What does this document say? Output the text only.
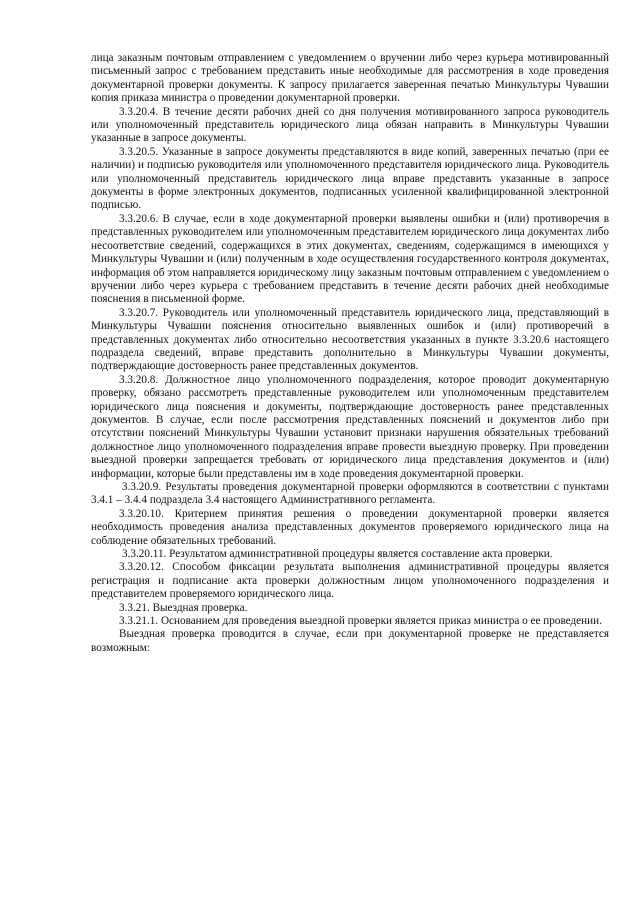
лица заказным почтовым отправлением с уведомлением о вручении либо через курьера мотивированный письменный запрос с требованием представить иные необходимые для рассмотрения в ходе проведения документарной проверки документы. К запросу прилагается заверенная печатью Минкультуры Чувашии копия приказа министра о проведении документарной проверки.

3.3.20.4. В течение десяти рабочих дней со дня получения мотивированного запроса руководитель или уполномоченный представитель юридического лица обязан направить в Минкультуры Чувашии указанные в запросе документы.

3.3.20.5. Указанные в запросе документы представляются в виде копий, заверенных печатью (при ее наличии) и подписью руководителя или уполномоченного представителя юридического лица. Руководитель или уполномоченный представитель юридического лица вправе представить указанные в запросе документы в форме электронных документов, подписанных усиленной квалифицированной электронной подписью.

3.3.20.6. В случае, если в ходе документарной проверки выявлены ошибки и (или) противоречия в представленных руководителем или уполномоченным представителем юридического лица документах либо несоответствие сведений, содержащихся в этих документах, сведениям, содержащимся в имеющихся у Минкультуры Чувашии и (или) полученным в ходе осуществления государственного контроля документах, информация об этом направляется юридическому лицу заказным почтовым отправлением с уведомлением о вручении либо через курьера с требованием представить в течение десяти рабочих дней необходимые пояснения в письменной форме.

3.3.20.7. Руководитель или уполномоченный представитель юридического лица, представляющий в Минкультуры Чувашии пояснения относительно выявленных ошибок и (или) противоречий в представленных документах либо относительно несоответствия указанных в пункте 3.3.20.6 настоящего подраздела сведений, вправе представить дополнительно в Минкультуры Чувашии документы, подтверждающие достоверность ранее представленных документов.

3.3.20.8. Должностное лицо уполномоченного подразделения, которое проводит документарную проверку, обязано рассмотреть представленные руководителем или уполномоченным представителем юридического лица пояснения и документы, подтверждающие достоверность ранее представленных документов. В случае, если после рассмотрения представленных пояснений и документов либо при отсутствии пояснений Минкультуры Чувашии установит признаки нарушения обязательных требований должностное лицо уполномоченного подразделения вправе провести выездную проверку. При проведении выездной проверки запрещается требовать от юридического лица представления документов и (или) информации, которые были представлены им в ходе проведения документарной проверки.

3.3.20.9. Результаты проведения документарной проверки оформляются в соответствии с пунктами 3.4.1 – 3.4.4 подраздела 3.4 настоящего Административного регламента.

3.3.20.10. Критерием принятия решения о проведении документарной проверки является необходимость проведения анализа представленных документов проверяемого юридического лица на соблюдение обязательных требований.

3.3.20.11. Результатом административной процедуры является составление акта проверки.

3.3.20.12. Способом фиксации результата выполнения административной процедуры является регистрация и подписание акта проверки должностным лицом уполномоченного подразделения и представителем проверяемого юридического лица.

3.3.21. Выездная проверка.

3.3.21.1. Основанием для проведения выездной проверки является приказ министра о ее проведении.

Выездная проверка проводится в случае, если при документарной проверке не представляется возможным:
